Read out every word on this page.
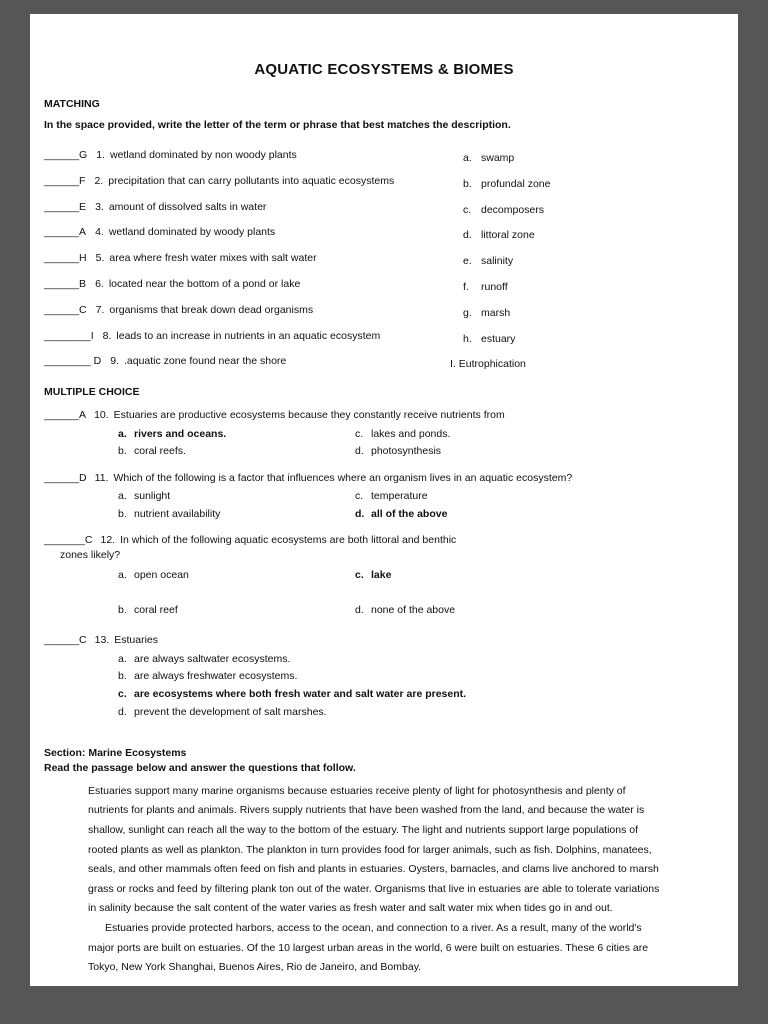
AQUATIC ECOSYSTEMS & BIOMES
MATCHING
In the space provided, write the letter of the term or phrase that best matches the description.
______G 1. wetland dominated by non woody plants
______F 2. precipitation that can carry pollutants into aquatic ecosystems
______E 3. amount of dissolved salts in water
______A 4. wetland dominated by woody plants
______H 5. area where fresh water mixes with salt water
______B 6. located near the bottom of a pond or lake
______C 7. organisms that break down dead organisms
________I 8. leads to an increase in nutrients in an aquatic ecosystem
________ D 9. .aquatic zone found near the shore
a. swamp
b. profundal zone
c. decomposers
d. littoral zone
e. salinity
f. runoff
g. marsh
h. estuary
I. Eutrophication
MULTIPLE CHOICE
______A 10. Estuaries are productive ecosystems because they constantly receive nutrients from
a. rivers and oceans.	c. lakes and ponds.
b. coral reefs.	d. photosynthesis
______D 11. Which of the following is a factor that influences where an organism lives in an aquatic ecosystem?
a. sunlight	c. temperature
b. nutrient availability	d. all of the above
_______C 12. In which of the following aquatic ecosystems are both littoral and benthic
zones likely?
a. open ocean	c. lake
b. coral reef	d. none of the above
______C 13. Estuaries
a. are always saltwater ecosystems.
b. are always freshwater ecosystems.
c. are ecosystems where both fresh water and salt water are present.
d. prevent the development of salt marshes.
Section: Marine Ecosystems
Read the passage below and answer the questions that follow.

Estuaries support many marine organisms because estuaries receive plenty of light for photosynthesis and plenty of nutrients for plants and animals. Rivers supply nutrients that have been washed from the land, and because the water is shallow, sunlight can reach all the way to the bottom of the estuary. The light and nutrients support large populations of rooted plants as well as plankton. The plankton in turn provides food for larger animals, such as fish. Dolphins, manatees, seals, and other mammals often feed on fish and plants in estuaries. Oysters, barnacles, and clams live anchored to marsh grass or rocks and feed by filtering plank ton out of the water. Organisms that live in estuaries are able to tolerate variations in salinity because the salt content of the water varies as fresh water and salt water mix when tides go in and out.

Estuaries provide protected harbors, access to the ocean, and connection to a river. As a result, many of the world's major ports are built on estuaries. Of the 10 largest urban areas in the world, 6 were built on estuaries. These 6 cities are Tokyo, New York Shanghai, Buenos Aires, Rio de Janeiro, and Bombay.
